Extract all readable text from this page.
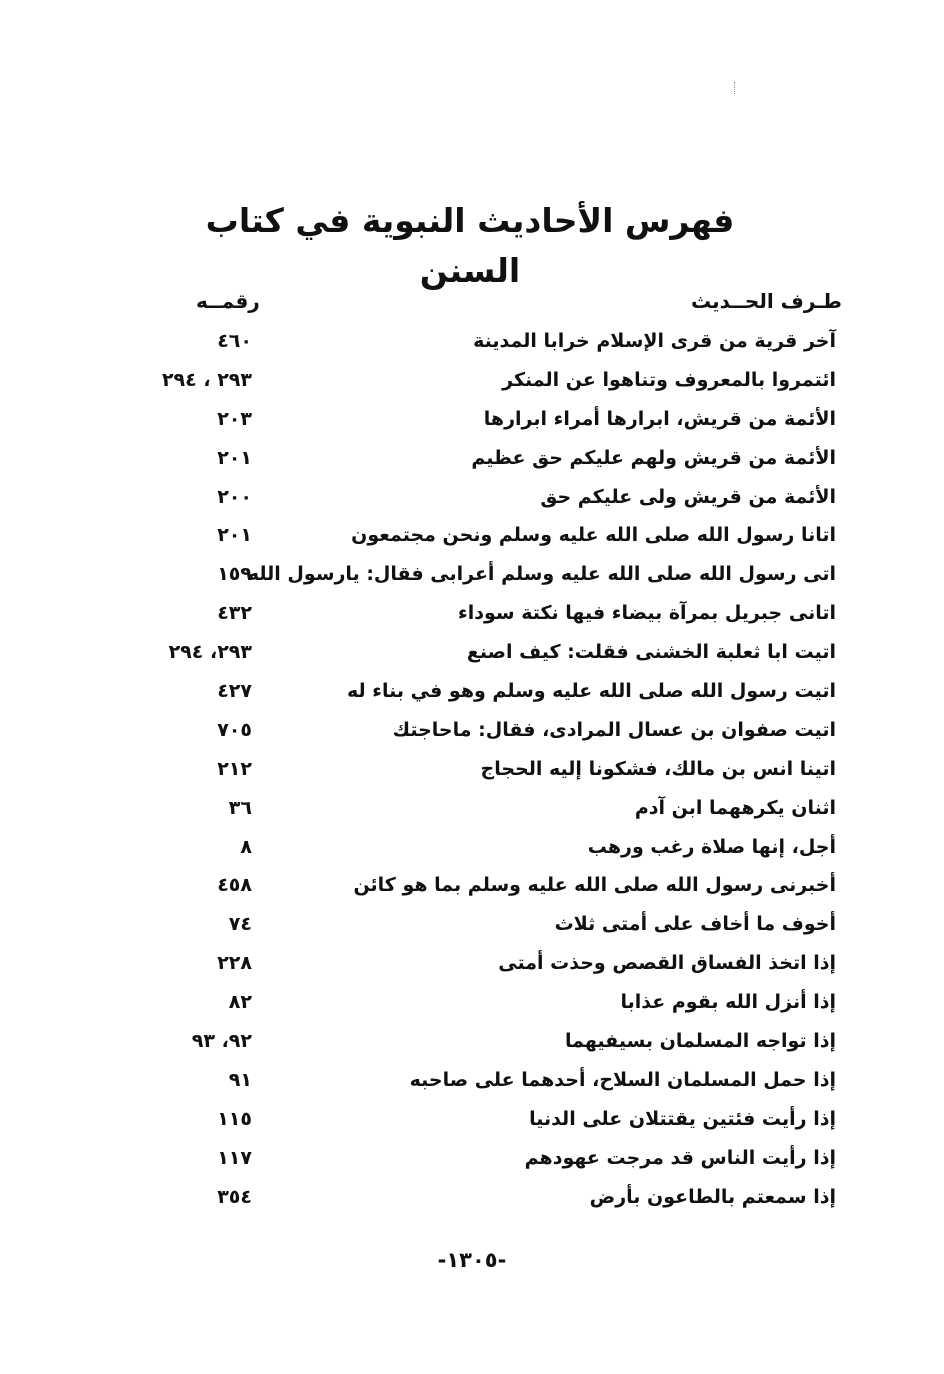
فهرس الأحاديث النبوية في كتاب السنن
طـرف الحــديث
رقمــه
آخر قرية من قرى الإسلام خرابا المدينة
٤٦٠
ائتمروا بالمعروف وتناهوا عن المنكر
٢٩٣ ، ٢٩٤
الأئمة من قريش، ابرارها أمراء ابرارها
٢٠٣
الأئمة من قريش ولهم عليكم حق عظيم
٢٠١
الأئمة من قريش ولى عليكم حق
٢٠٠
اتانا رسول الله صلى الله عليه وسلم ونحن مجتمعون
٢٠١
اتى رسول الله صلى الله عليه وسلم أعرابى فقال: يارسول الله
١٥٩
اتانى جبريل بمرآة بيضاء فيها نكتة سوداء
٤٣٢
اتيت ابا ثعلبة الخشنى فقلت: كيف اصنع
٢٩٣، ٢٩٤
اتيت رسول الله صلى الله عليه وسلم وهو في بناء له
٤٢٧
اتيت صفوان بن عسال المرادى، فقال: ماحاجتك
٧٠٥
اتينا انس بن مالك، فشكونا إليه الحجاج
٢١٢
اثنان يكرههما ابن آدم
٣٦
أجل، إنها صلاة رغب ورهب
٨
أخبرنى رسول الله صلى الله عليه وسلم بما هو كائن
٤٥٨
أخوف ما أخاف على أمتى ثلاث
٧٤
إذا اتخذ الفساق القصص وحذت أمتى
٢٢٨
إذا أنزل الله بقوم عذابا
٨٢
إذا تواجه المسلمان بسيفيهما
٩٢، ٩٣
إذا حمل المسلمان السلاح، أحدهما على صاحبه
٩١
إذا رأيت فئتين يقتتلان على الدنيا
١١٥
إذا رأيت الناس قد مرجت عهودهم
١١٧
إذا سمعتم بالطاعون بأرض
٣٥٤
-١٣٠٥-
